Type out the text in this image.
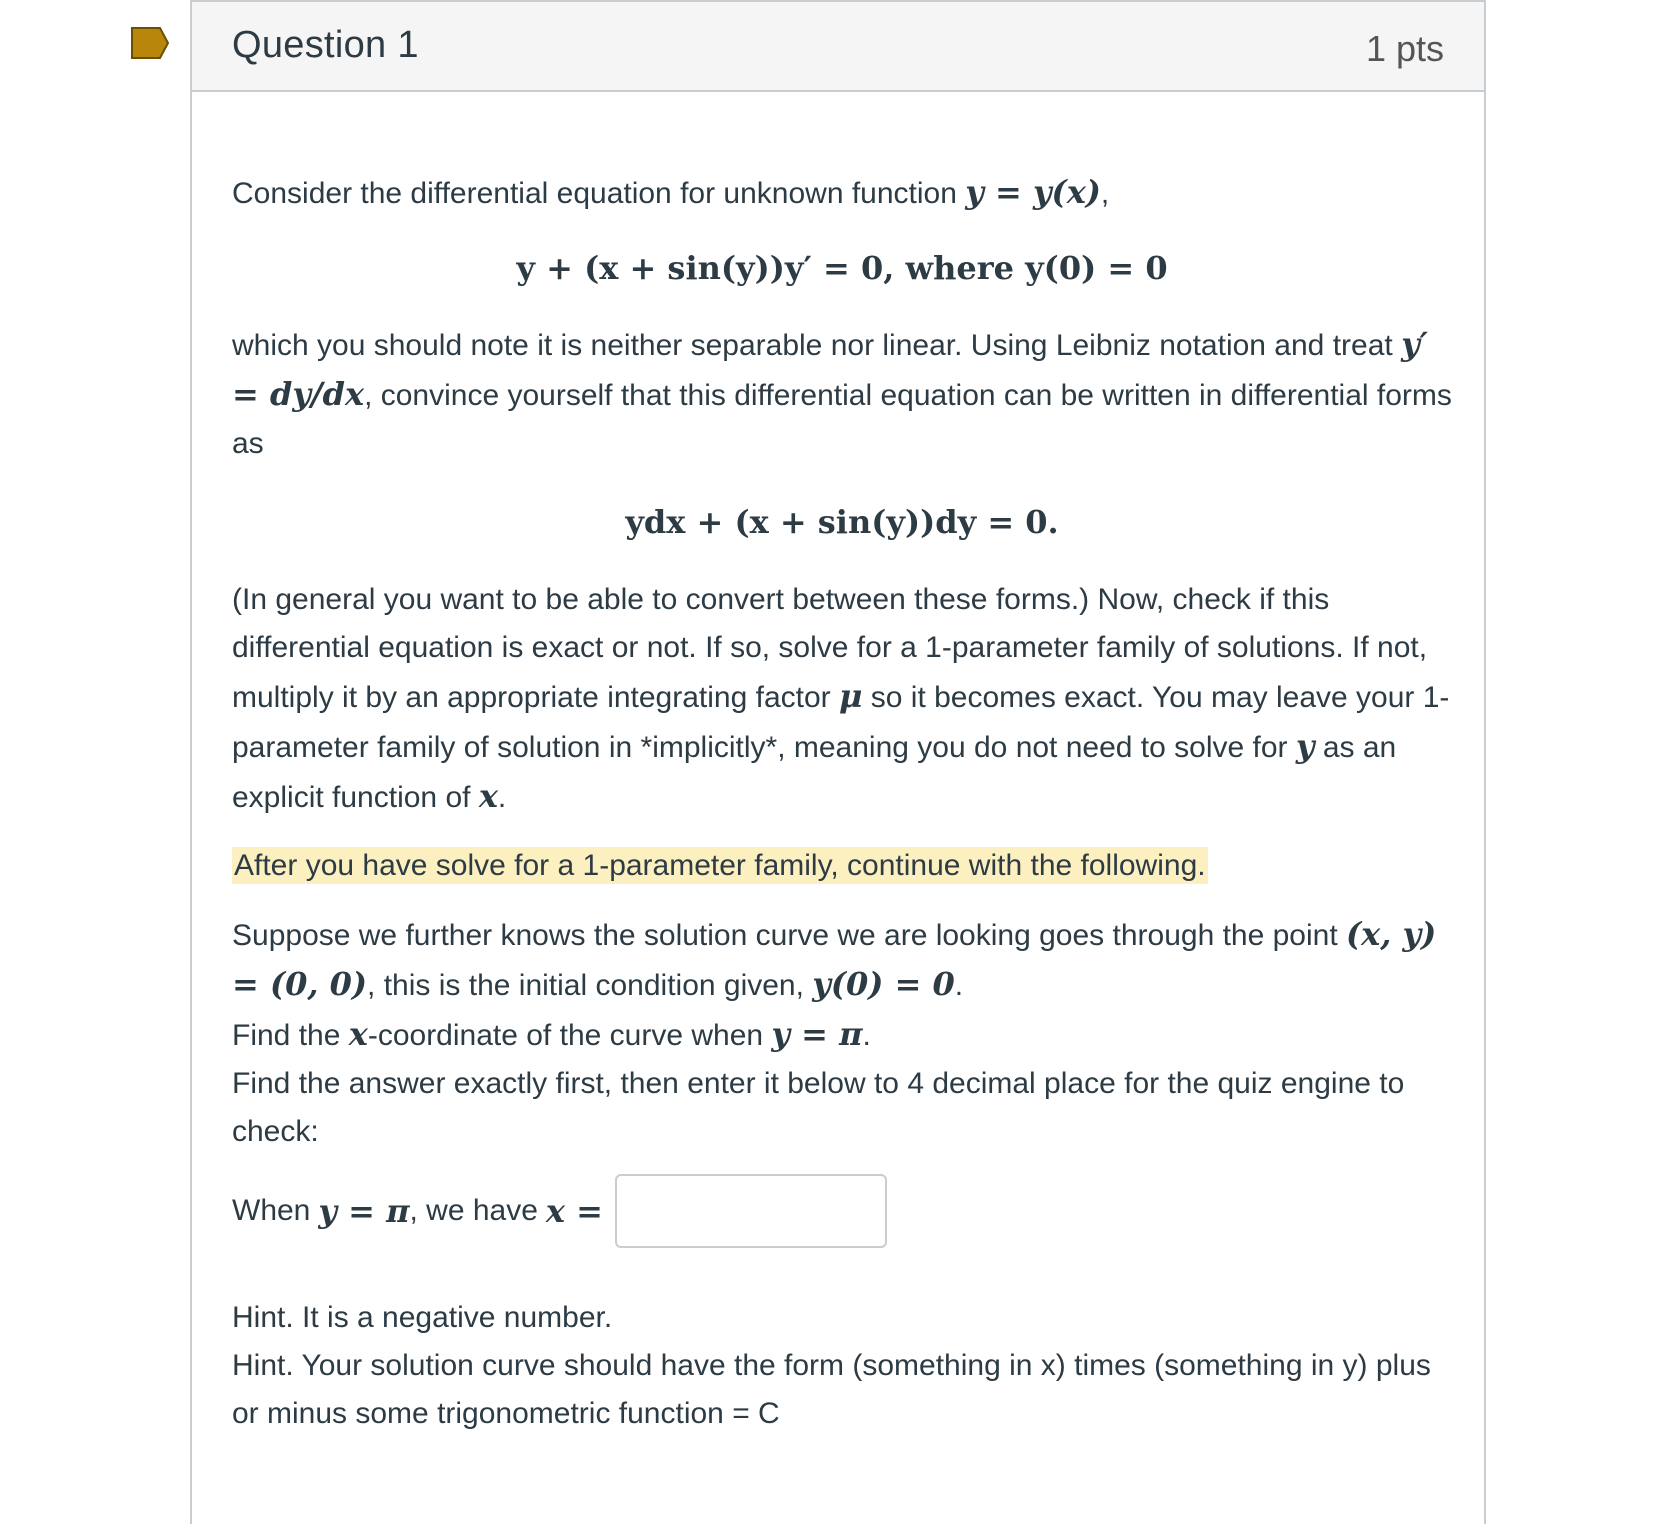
Question 1	1 pts

Consider the differential equation for unknown function y = y(x),

y + (x + sin(y))y′ = 0, where y(0) = 0

which you should note it is neither separable nor linear. Using Leibniz notation and treat y′ = dy/dx, convince yourself that this differential equation can be written in differential forms as

ydx + (x + sin(y))dy = 0.

(In general you want to be able to convert between these forms.) Now, check if this differential equation is exact or not. If so, solve for a 1-parameter family of solutions. If not, multiply it by an appropriate integrating factor μ so it becomes exact. You may leave your 1-parameter family of solution in *implicitly*, meaning you do not need to solve for y as an explicit function of x.

After you have solve for a 1-parameter family, continue with the following.

Suppose we further knows the solution curve we are looking goes through the point (x, y) = (0, 0), this is the initial condition given, y(0) = 0.

Find the x-coordinate of the curve when y = π.

Find the answer exactly first, then enter it below to 4 decimal place for the quiz engine to check:

When y = π , we have x =

Hint. It is a negative number.

Hint. Your solution curve should have the form (something in x) times (something in y) plus or minus some trigonometric function = C
